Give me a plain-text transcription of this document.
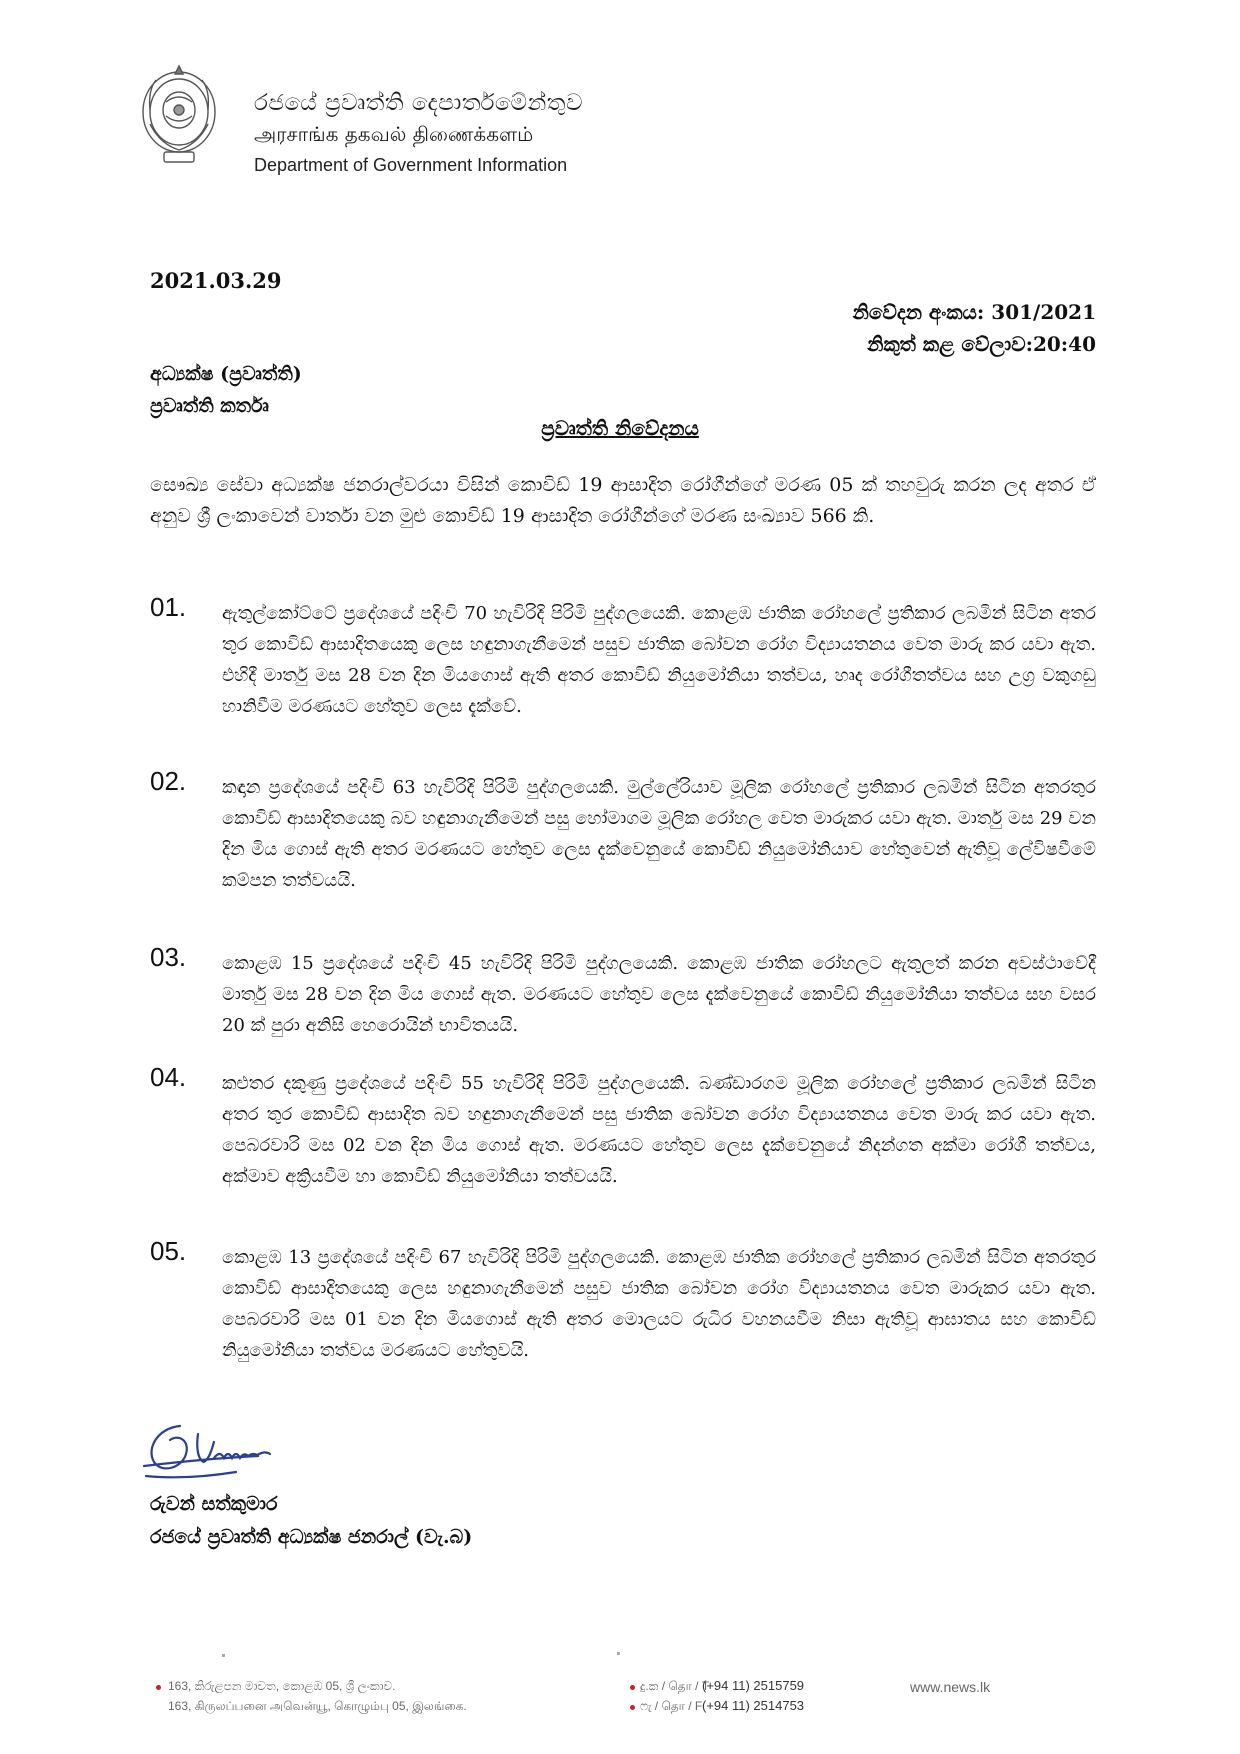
රජයේ ප්‍රවෘත්ති දෙපාර්තමේන්තුව
அரசாங்க தகவல் திணைக்களம்
Department of Government Information
2021.03.29
නිවේදන අංකය: 301/2021
නිකුත් කළ වේලාව:20:40
අධ්‍යක්ෂ (ප්‍රවෘත්ති)
ප්‍රවෘත්ති කර්තෘ
ප්‍රවෘත්ති නිවේදනය
සෞඛ්‍ය සේවා අධ්‍යක්ෂ ජනරාල්වරයා විසින් කොවිඩ් 19 ආසාදිත රෝගීන්ගේ මරණ 05 ක් තහවුරු කරන ලද අතර ඒ අනුව ශ්‍රී ලංකාවෙන් වාර්තා වන මුළු කොවිඩ් 19 ආසාදිත රෝගීන්ගේ මරණ සංඛ්‍යාව 566 කි.
01. ඇතුල්කෝට්ටේ ප්‍රදේශයේ පදිංචි 70 හැවිරිදි පිරිමි පුද්ගලයෙකි. කොළඹ ජාතික රෝහලේ ප්‍රතිකාර ලබමින් සිටින අතර තුර කොවිඩ් ආසාදිතයෙකු ලෙස හඳුනාගැනීමෙන් පසුව ජාතික බෝවන රෝග විද්‍යායතනය වෙත මාරු කර යවා ඇත. එහිදී මාර්තු මස 28 වන දින මියගොස් ඇති අතර කොවිඩ් නියුමෝනියා තත්වය, හෘද රෝගීතත්වය සහ උග්‍ර වකුගඩු හානිවීම මරණයට හේතුව ලෙස දැක්වේ.
02. කඳාන ප්‍රදේශයේ පදිංචි 63 හැවිරිදි පිරිමි පුද්ගලයෙකි. මුල්ලේරියාව මූලික රෝහලේ ප්‍රතිකාර ලබමින් සිටින අතරතුර කොවිඩ් ආසාදිතයෙකු බව හඳුනාගැනීමෙන් පසු හෝමාගම මූලික රෝහල වෙත මාරුකර යවා ඇත. මාර්තු මස 29 වන දින මිය ගොස් ඇති අතර මරණයට හේතුව ලෙස දැක්වෙනුයේ කොවිඩ් නියුමෝනියාව හේතුවෙන් ඇතිවූ ලේවිෂවීමේ කම්පන තත්වයයි.
03. කොළඹ 15 ප්‍රදේශයේ පදිංචි 45 හැවිරිදි පිරිමි පුද්ගලයෙකි. කොළඹ ජාතික රෝහලට ඇතුලත් කරන අවස්ථාවේදී මාර්තු මස 28 වන දින මිය ගොස් ඇත. මරණයට හේතුව ලෙස දැක්වෙනුයේ කොවිඩ් නියුමෝනියා තත්වය සහ වසර 20 ක් පුරා අනිසි හෙරොයින් භාවිතයයි.
04. කළුතර දකුණු ප්‍රදේශයේ පදිංචි 55 හැවිරිදි පිරිමි පුද්ගලයෙකි. බණ්ඩාරගම මූලික රෝහලේ ප්‍රතිකාර ලබමින් සිටින අතර තුර කොවිඩ් ආසාදිත බව හඳුනාගැනීමෙන් පසු ජාතික බෝවන රෝග විද්‍යායතනය වෙත මාරු කර යවා ඇත. පෙබරවාරි මස 02 වන දින මිය ගොස් ඇත. මරණයට හේතුව ලෙස දැක්වෙනුයේ නිදන්ගත අක්මා රෝගී තත්වය, අක්මාව අක්‍රියවීම හා කොවිඩ් නියුමෝනියා තත්වයයි.
05. කොළඹ 13 ප්‍රදේශයේ පදිංචි 67 හැවිරිදි පිරිමි පුද්ගලයෙකි. කොළඹ ජාතික රෝහලේ ප්‍රතිකාර ලබමින් සිටින අතරතුර කොවිඩ් ආසාදිතයෙකු ලෙස හඳුනාගැනීමෙන් පසුව ජාතික බෝවන රෝග විද්‍යායතනය වෙත මාරුකර යවා ඇත. පෙබරවාරි මස 01 වන දින මියගොස් ඇති අතර මොලයට රුධිර වහනයවීම නිසා ඇතිවූ ආඝාතය සහ කොවිඩ් නියුමෝනියා තත්වය මරණයට හේතුවයි.
රුවන් සත්කුමාර
රජයේ ප්‍රවෘත්ති අධ්‍යක්ෂ ජනරාල් (වැ.බ)
163, කිරුළපන මාවත, කොළඹ 05, ශ්‍රී ලංකාව.
163, கிருலப்பனை அவென்யூ, கொழும்பு 05, இலங்கை.
දු.ක / தொ / T
(+94 11) 2515759
ෆැ / தொ / F (+94 11) 2514753
www.news.lk
